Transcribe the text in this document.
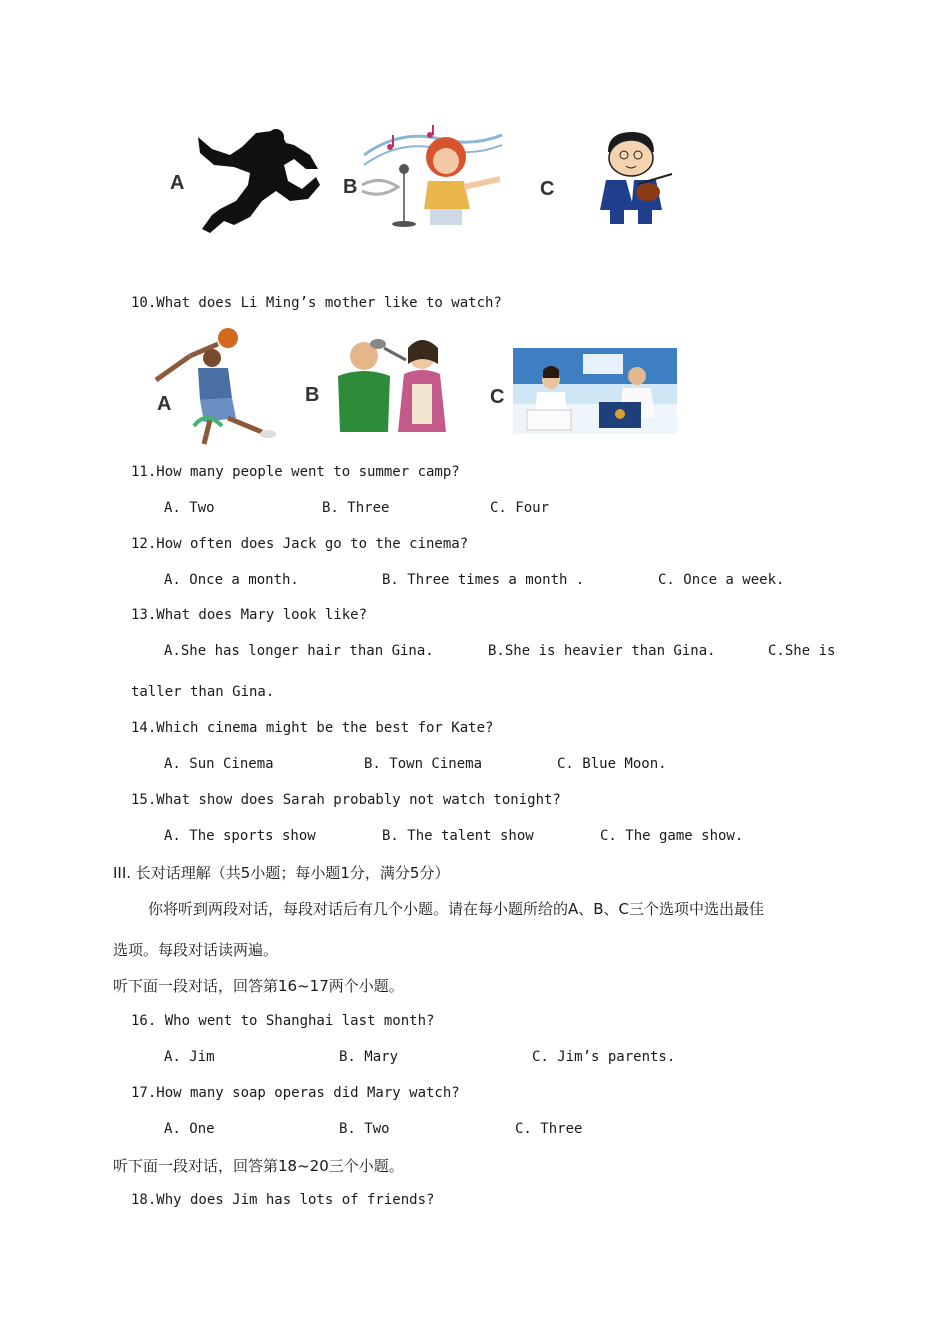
A	B	C
10.What does Li Ming’s mother like to watch?
A	B	C
11.How many people went to summer camp?
A. Two	B. Three	C. Four
12.How often does Jack go to the cinema?
A. Once a month.	B. Three times a month .	C. Once a week.
13.What does Mary look like?
A.She has longer hair than Gina.	B.She is heavier than Gina.	C.She is
taller than Gina.
14.Which cinema might be the best for Kate?
A. Sun Cinema	B. Town Cinema	C. Blue Moon.
15.What show does Sarah probably not watch tonight?
A. The sports show	B. The talent show	C. The game show.
III. 长对话理解（共5小题；每小题1分，满分5分）
你将听到两段对话，每段对话后有几个小题。请在每小题所给的A、B、C三个选项中选出最佳
选项。每段对话读两遍。
听下面一段对话，回答第16~17两个小题。
16. Who went to Shanghai last month?
A. Jim	B. Mary	C. Jim’s parents.
17.How many soap operas did Mary watch?
A. One	B. Two	C. Three
听下面一段对话，回答第18~20三个小题。
18.Why does Jim has lots of friends?
